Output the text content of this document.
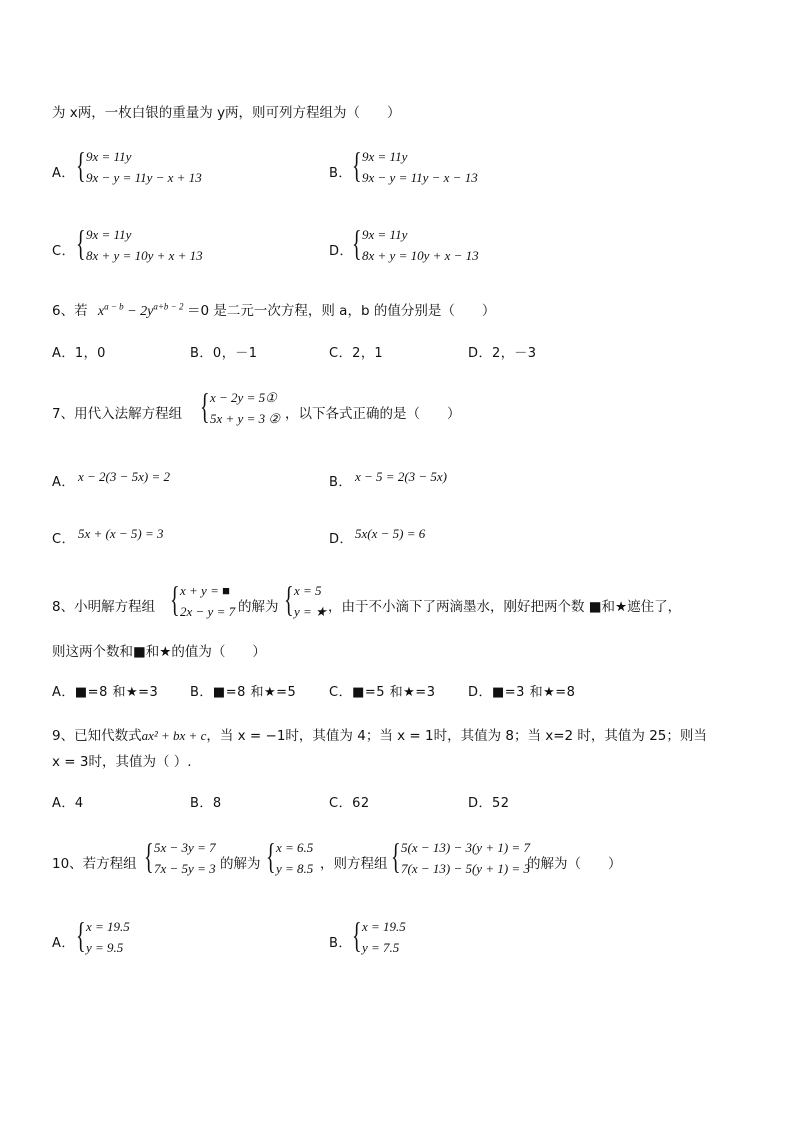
为 x两，一枚白银的重量为 y两，则可列方程组为（　　）
A． { 9x = 11y
9x − y = 11y − x + 13	B． { 9x = 11y
9x − y = 11y − x − 13
C． { 9x = 11y
8x + y = 10y + x + 13	D．
{ 9x = 11y
8x + y = 10y + x − 13
6、若 $x^{a - b} - 2y^{a+b - 2} =0$ 是二元一次方程，则 a，b 的值分别是（　　）
A．1，0	B．0，－1	C．2，1	D．2，－3
7、用代入法解方程组 { x − 2y = 5①
5x + y = 3 ② ，以下各式正确的是（　　）
A． x − 2(3 − 5x) = 2	B． x − 5 = 2(3 − 5x)
C． 5x + (x − 5) = 3	D． 5x(x − 5) = 6
8、小明解方程组 { x + y = ■
2x − y = 7 的解为 { x = 5
y = ★ ，由于不小滴下了两滴墨水，刚好把两个数 ■和★遮住了，
则这两个数和■和★的值为（　　）
A．■=8 和★=3 B．■=8 和★=5	C．■=5 和★=3	D．■=3 和★=8
9、已知代数式ax² + bx + c，当 x = −1时，其值为 4；当 x = 1时，其值为 8；当 x=2 时，其值为 25；则当
x = 3时，其值为（ ）.
A．4	B．8	C．62	D．52
10、若方程组 { 5x − 3y = 7
7x − 5y = 3 的解为 { x = 6.5
y = 8.5 ，则方程组 { 5(x − 13) − 3(y + 1) = 7
7(x − 13) − 5(y + 1) = 3
的解为（　　）
A． { x = 19.5
y = 9.5	B． { x = 19.5
y = 7.5
